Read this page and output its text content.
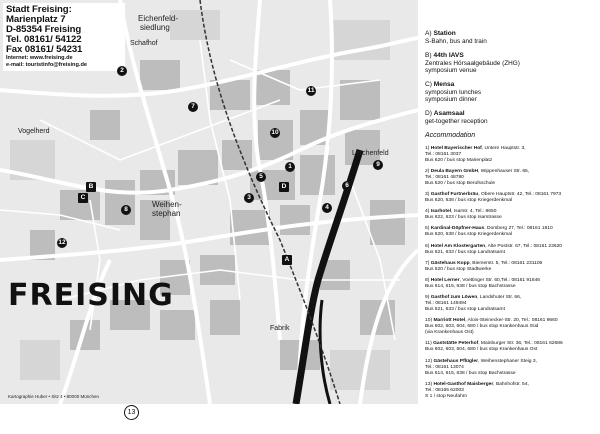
Stadt Freising:
Marienplatz 7
D-85354 Freising
Tel. 08161/ 54122
Fax 08161/ 54231
Internet: www.freising.de
e-mail: touristinfo@freising.de
Vogelherd
Eichenfeld-
siedlung
Weihen-
stephan
Schafhof
Lerchenfeld
Fabrik
Kartographie Huber • Sitz 4 • 80000 München
FREISING
A
B
C
D
1
2
3
4
5
6
7
8
9
10
11
12
13
A) Station
S-Bahn, bus and train
B) 44th IAVS
Zentrales Hörsaalgebäude (ZHG)
symposium venue
C) Mensa
symposium lunches
symposium dinner
D) Asamsaal
get-together reception
Accommodation
1) Hotel Bayerischer Hof, Untere Hauptstr. 3,
Tel.: 08161 3037
Bus 620 / bus stop Marienplatz
2) Deula Bayern GmbH, Wippenhauser Str. 65,
Tel.: 08161 48780
Bus 620 / bus stop Berufsschule
3) Gasthof Furtnerbräu, Obere Hauptstr. 42, Tel.: 08161 7973
Bus 620, 638 / bus stop Kriegerdenkmal
4) Isarhotel, Isarstr. 4, Tel.: 8650
Bus 622, 623 / bus stop Isarstrasse
5) Kardinal-Döpfner-Haus, Domberg 27, Tel.: 08161 1810
Bus 620, 638 / bus stop Kriegerdenkmal
6) Hotel Am Klostergarten, Alte Poststr. 67, Tel.: 08161 23620
Bus 621, 633 / bus stop Landratsamt
7) Gästehaus Kopp, Biemerstr. 5, Tel.: 08161 231105
Bus 620 / bus stop Stadtwerke
8) Hotel Lerner, Voettinger Str. 60,Tel.: 08161 91646
Bus 614, 615, 638 / bus stop Bachstrasse
9) Gasthof zum Löwen, Landshuter Str. 66,
Tel.: 08161 149494
Bus 621, 633 / bus stop Landratsamt
10) Marriott Hotel, Alois-Steinecker-Str. 20, Tel.: 08161 9660
Bus 602, 603, 604, 680 / bus stop Krankenhaus Süd
(via Krankenhaus Ost)
11) Gaststätte Peterhof, Mainburger Str. 36, Tel.: 08161 62686
Bus 602, 603, 604, 680 / bus stop Krankenhaus Ost
12) Gästehaus Pflügler, Weihenstephaner Steig 3,
Tel.: 08161 13074
Bus 614, 615, 638 / bus stop Bachstrasse
13) Hotel-Gasthof Maisberger, Bahnhofstr. 54,
Tel.: 08165 62003
S 1 / stop Neufahrn
